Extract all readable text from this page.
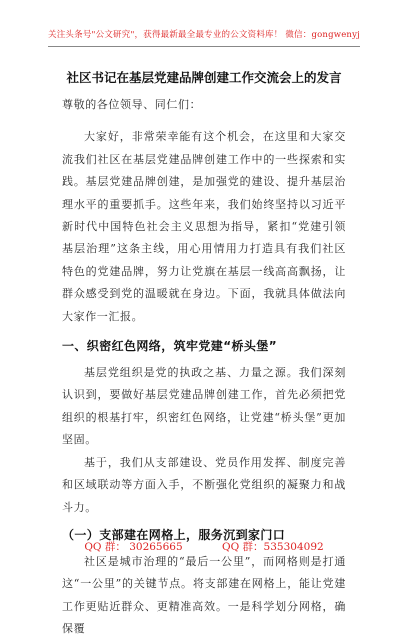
关注头条号"公文研究"，获得最新最全最专业的公文资料库！ 微信：gongwenyj
社区书记在基层党建品牌创建工作交流会上的发言

尊敬的各位领导、同仁们：

大家好，非常荣幸能有这个机会，在这里和大家交流我们社区在基层党建品牌创建工作中的一些探索和实践。基层党建品牌创建，是加强党的建设、提升基层治理水平的重要抓手。这些年来，我们始终坚持以习近平新时代中国特色社会主义思想为指导，紧扣“党建引领基层治理”这条主线，用心用情用力打造具有我们社区特色的党建品牌，努力让党旗在基层一线高高飘扬，让群众感受到党的温暖就在身边。下面，我就具体做法向大家作一汇报。

一、织密红色网络，筑牢党建“桥头堡”

基层党组织是党的执政之基、力量之源。我们深刻认识到，要做好基层党建品牌创建工作，首先必须把党组织的根基打牢，织密红色网络，让党建“桥头堡”更加坚固。

基于，我们从支部建设、党员作用发挥、制度完善和区域联动等方面入手，不断强化党组织的凝聚力和战斗力。

（一）支部建在网格上，服务沉到家门口

社区是城市治理的“最后一公里”，而网格则是打通这“一公里”的关键节点。将支部建在网格上，能让党建工作更贴近群众、更精准高效。一是科学划分网格，确保覆

QQ 群： 30265665	QQ 群：535304092
